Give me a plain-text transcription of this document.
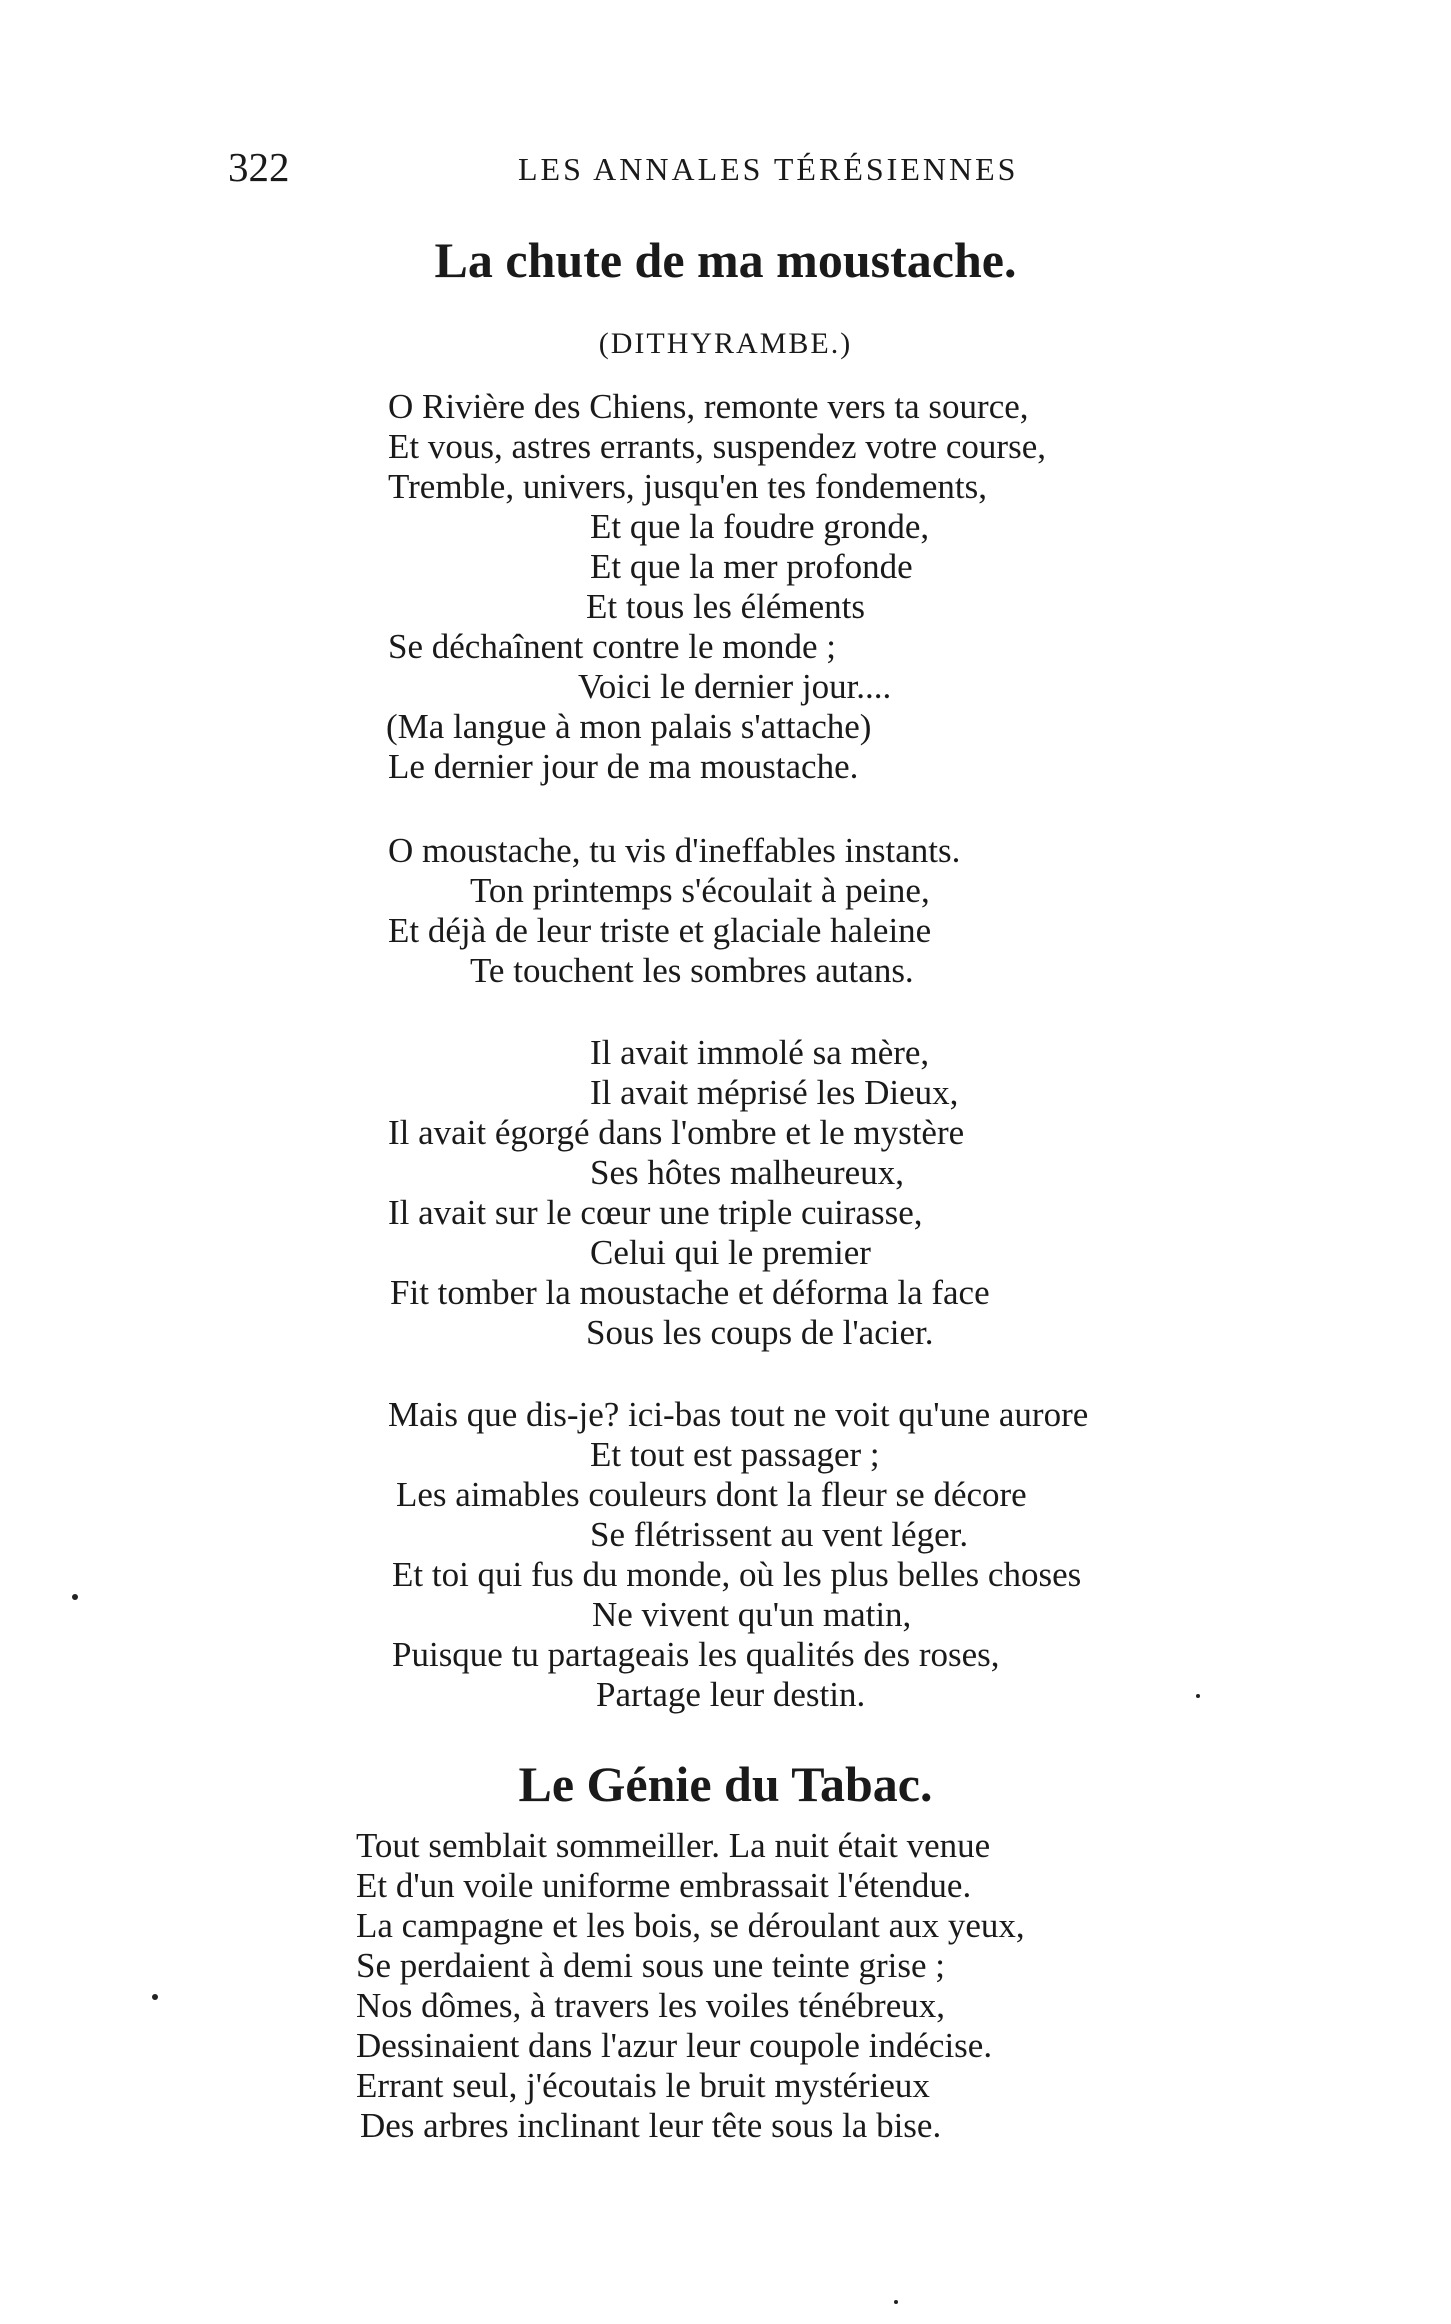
322	LES ANNALES TÉRÉSIENNES
La chute de ma moustache.
(DITHYRAMBE.)
O Rivière des Chiens, remonte vers ta source,
Et vous, astres errants, suspendez votre course,
Tremble, univers, jusqu'en tes fondements,
Et que la foudre gronde,
Et que la mer profonde
Et tous les éléments
Se déchaînent contre le monde ;
Voici le dernier jour....
(Ma langue à mon palais s'attache)
Le dernier jour de ma moustache.
O moustache, tu vis d'ineffables instants.
Ton printemps s'écoulait à peine,
Et déjà de leur triste et glaciale haleine
Te touchent les sombres autans.
Il avait immolé sa mère,
Il avait méprisé les Dieux,
Il avait égorgé dans l'ombre et le mystère
Ses hôtes malheureux,
Il avait sur le cœur une triple cuirasse,
Celui qui le premier
Fit tomber la moustache et déforma la face
Sous les coups de l'acier.
Mais que dis-je? ici-bas tout ne voit qu'une aurore
Et tout est passager ;
Les aimables couleurs dont la fleur se décore
Se flétrissent au vent léger.
Et toi qui fus du monde, où les plus belles choses
Ne vivent qu'un matin,
Puisque tu partageais les qualités des roses,
Partage leur destin.
Le Génie du Tabac.
Tout semblait sommeiller. La nuit était venue
Et d'un voile uniforme embrassait l'étendue.
La campagne et les bois, se déroulant aux yeux,
Se perdaient à demi sous une teinte grise ;
Nos dômes, à travers les voiles ténébreux,
Dessinaient dans l'azur leur coupole indécise.
Errant seul, j'écoutais le bruit mystérieux
Des arbres inclinant leur tête sous la bise.
